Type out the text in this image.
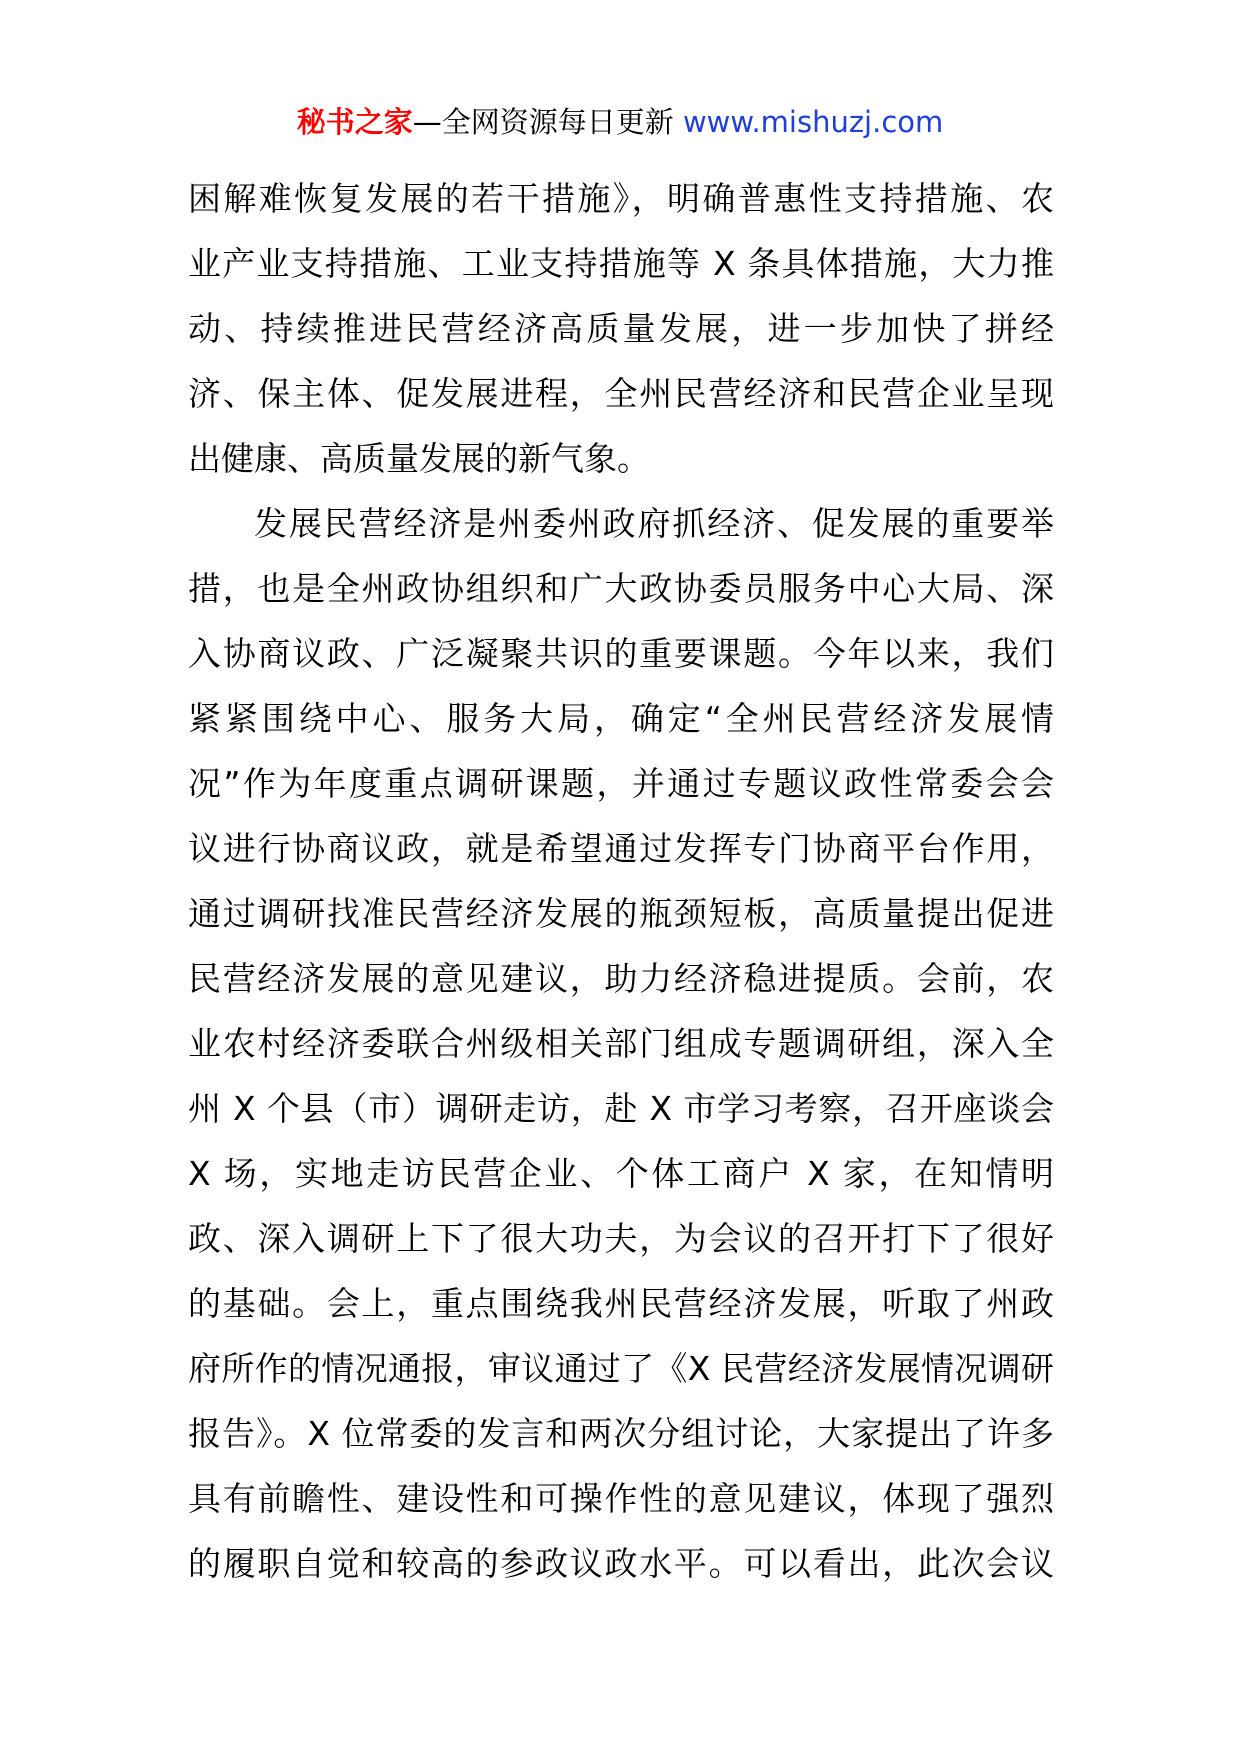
秘书之家—全网资源每日更新 www.mishuzj.com
困解难恢复发展的若干措施》，明确普惠性支持措施、农
业产业支持措施、工业支持措施等 X 条具体措施，大力推
动、持续推进民营经济高质量发展，进一步加快了拼经
济、保主体、促发展进程，全州民营经济和民营企业呈现
出健康、高质量发展的新气象。
发展民营经济是州委州政府抓经济、促发展的重要举
措，也是全州政协组织和广大政协委员服务中心大局、深
入协商议政、广泛凝聚共识的重要课题。今年以来，我们
紧紧围绕中心、服务大局，确定“全州民营经济发展情
况”作为年度重点调研课题，并通过专题议政性常委会会
议进行协商议政，就是希望通过发挥专门协商平台作用，
通过调研找准民营经济发展的瓶颈短板，高质量提出促进
民营经济发展的意见建议，助力经济稳进提质。会前，农
业农村经济委联合州级相关部门组成专题调研组，深入全
州 X 个县（市）调研走访，赴 X 市学习考察，召开座谈会
X 场，实地走访民营企业、个体工商户 X 家，在知情明
政、深入调研上下了很大功夫，为会议的召开打下了很好
的基础。会上，重点围绕我州民营经济发展，听取了州政
府所作的情况通报，审议通过了《X 民营经济发展情况调研
报告》。X 位常委的发言和两次分组讨论，大家提出了许多
具有前瞻性、建设性和可操作性的意见建议，体现了强烈
的履职自觉和较高的参政议政水平。可以看出，此次会议
